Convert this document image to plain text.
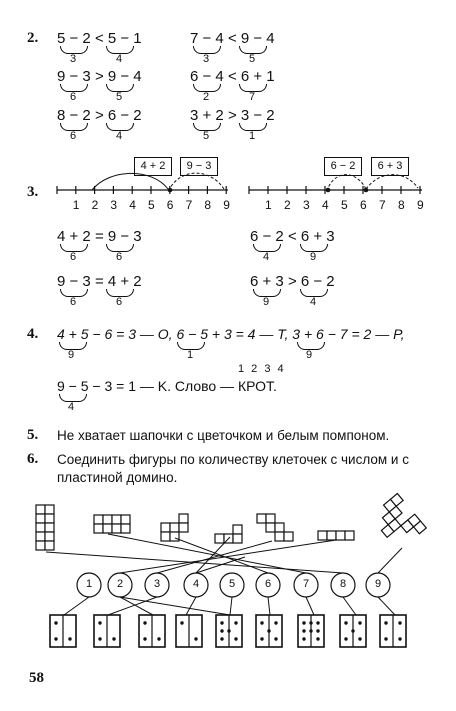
2. 5 − 2 < 5 − 1
3	4
7 − 4 < 9 − 4
3	5
9 − 3 > 9 − 4
6	5
6 − 4 < 6 + 1
2	7
8 − 2 > 6 − 2
6	4
3 + 2 > 3 − 2
5	1
3.
4 + 2	9 − 3	6 − 2	6 + 3
1 2 3 4 5 6 7 8 9	1 2 3 4 5 6 7 8 9
4 + 2 = 9 − 3
6	6
9 − 3 = 4 + 2
6	6
6 − 2 < 6 + 3
4	9
6 + 3 > 6 − 2
9	4
4. 4 + 5 − 6 = 3 — O, 6 − 5 + 3 = 4 — T, 3 + 6 − 7 = 2 — P,
9	1	9
1 2 3 4
9 − 5 − 3 = 1 — K. Слово — КРОТ.
4
5. Не хватает шапочки с цветочком и белым помпоном.
6. Соединить фигуры по количеству клеточек с числом и с
пластиной домино.
1 2	3	4	5	6	7	8	9
58
